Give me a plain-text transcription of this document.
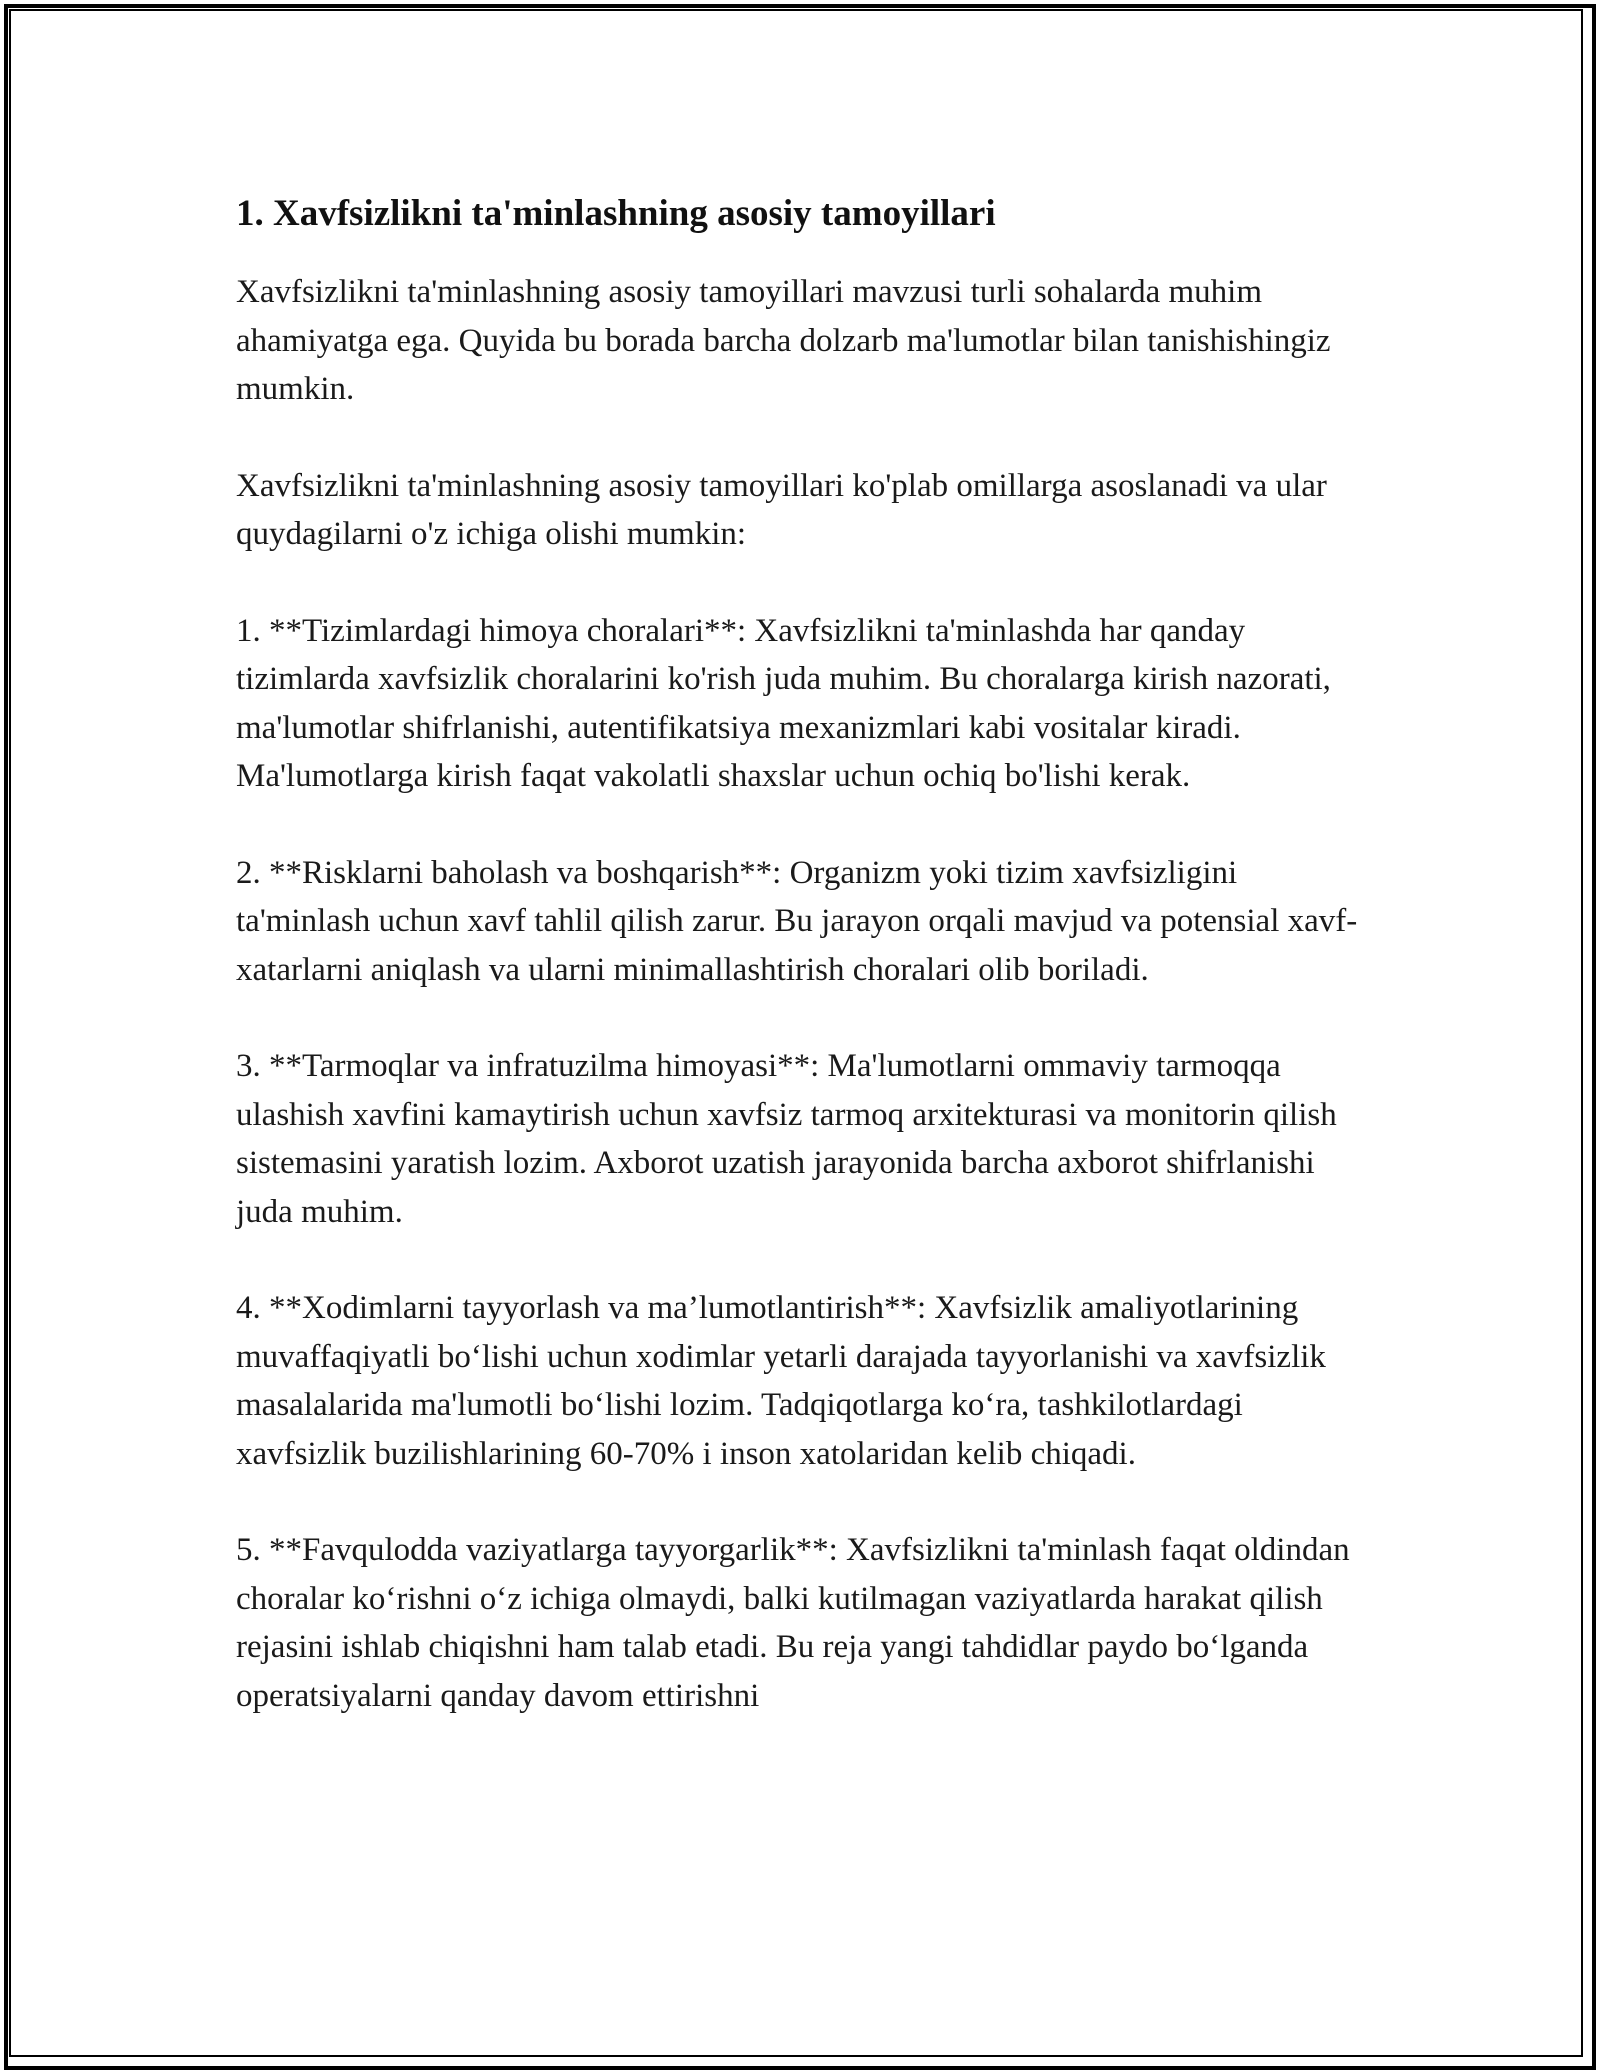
1. Xavfsizlikni ta'minlashning asosiy tamoyillari

Xavfsizlikni ta'minlashning asosiy tamoyillari mavzusi turli sohalarda muhim ahamiyatga ega. Quyida bu borada barcha dolzarb ma'lumotlar bilan tanishishingiz mumkin.

Xavfsizlikni ta'minlashning asosiy tamoyillari ko'plab omillarga asoslanadi va ular quydagilarni o'z ichiga olishi mumkin:

1. **Tizimlardagi himoya choralari**: Xavfsizlikni ta'minlashda har qanday tizimlarda xavfsizlik choralarini ko'rish juda muhim. Bu choralarga kirish nazorati, ma'lumotlar shifrlanishi, autentifikatsiya mexanizmlari kabi vositalar kiradi. Ma'lumotlarga kirish faqat vakolatli shaxslar uchun ochiq bo'lishi kerak.

2. **Risklarni baholash va boshqarish**: Organizm yoki tizim xavfsizligini ta'minlash uchun xavf tahlil qilish zarur. Bu jarayon orqali mavjud va potensial xavf-xatarlarni aniqlash va ularni minimallashtirish choralari olib boriladi.

3. **Tarmoqlar va infratuzilma himoyasi**: Ma'lumotlarni ommaviy tarmoqqa ulashish xavfini kamaytirish uchun xavfsiz tarmoq arxitekturasi va monitorin qilish sistemasini yaratish lozim. Axborot uzatish jarayonida barcha axborot shifrlanishi juda muhim.

4. **Xodimlarni tayyorlash va ma’lumotlantirish**: Xavfsizlik amaliyotlarining muvaffaqiyatli bo‘lishi uchun xodimlar yetarli darajada tayyorlanishi va xavfsizlik masalalarida ma'lumotli bo‘lishi lozim. Tadqiqotlarga ko‘ra, tashkilotlardagi xavfsizlik buzilishlarining 60-70% i inson xatolaridan kelib chiqadi.

5. **Favqulodda vaziyatlarga tayyorgarlik**: Xavfsizlikni ta'minlash faqat oldindan choralar ko‘rishni o‘z ichiga olmaydi, balki kutilmagan vaziyatlarda harakat qilish rejasini ishlab chiqishni ham talab etadi. Bu reja yangi tahdidlar paydo bo‘lganda operatsiyalarni qanday davom ettirishni
